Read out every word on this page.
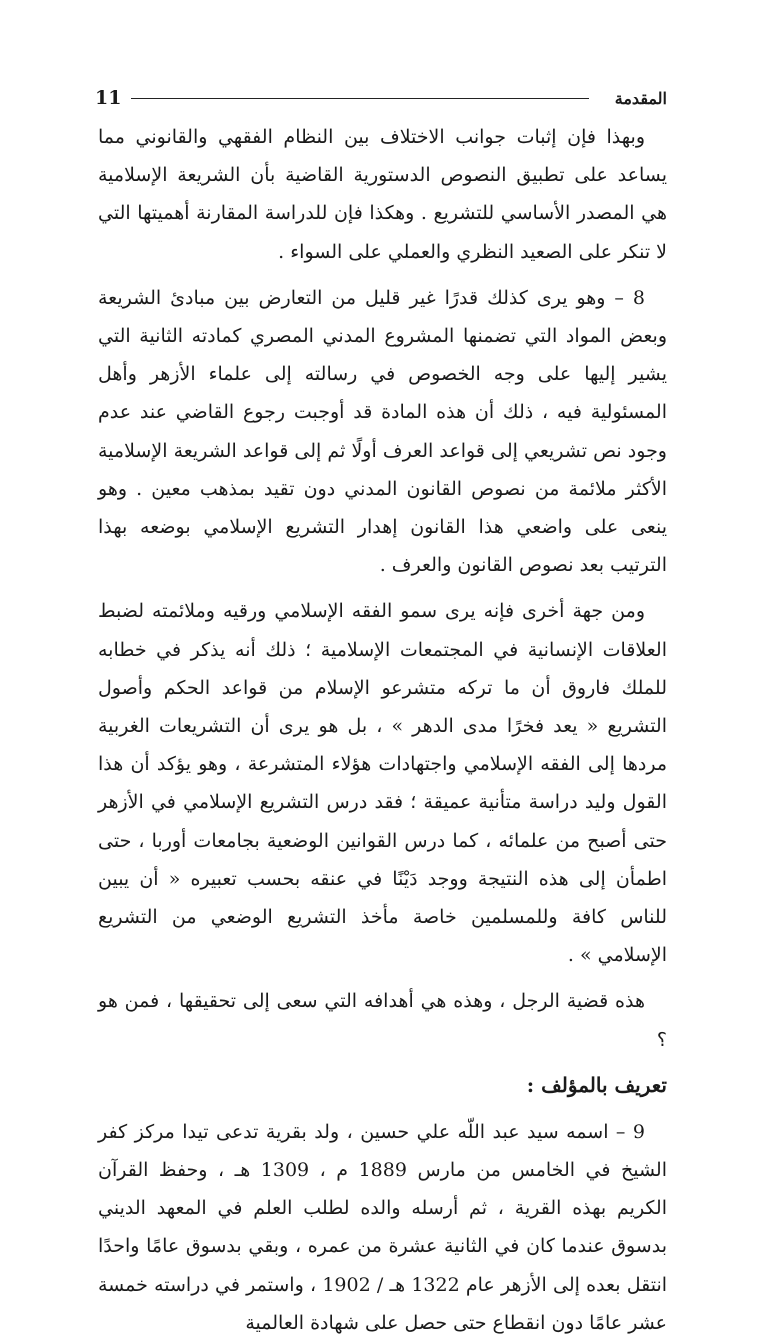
المقدمة
11

وبهذا فإن إثبات جوانب الاختلاف بين النظام الفقهي والقانوني مما يساعد على تطبيق النصوص الدستورية القاضية بأن الشريعة الإسلامية هي المصدر الأساسي للتشريع . وهكذا فإن للدراسة المقارنة أهميتها التي لا تنكر على الصعيد النظري والعملي على السواء .

8 – وهو يرى كذلك قدرًا غير قليل من التعارض بين مبادئ الشريعة وبعض المواد التي تضمنها المشروع المدني المصري كمادته الثانية التي يشير إليها على وجه الخصوص في رسالته إلى علماء الأزهر وأهل المسئولية فيه ، ذلك أن هذه المادة قد أوجبت رجوع القاضي عند عدم وجود نص تشريعي إلى قواعد العرف أولًا ثم إلى قواعد الشريعة الإسلامية الأكثر ملائمة من نصوص القانون المدني دون تقيد بمذهب معين . وهو ينعى على واضعي هذا القانون إهدار التشريع الإسلامي بوضعه بهذا الترتيب بعد نصوص القانون والعرف .

ومن جهة أخرى فإنه يرى سمو الفقه الإسلامي ورقيه وملائمته لضبط العلاقات الإنسانية في المجتمعات الإسلامية ؛ ذلك أنه يذكر في خطابه للملك فاروق أن ما تركه متشرعو الإسلام من قواعد الحكم وأصول التشريع « يعد فخرًا مدى الدهر » ، بل هو يرى أن التشريعات الغربية مردها إلى الفقه الإسلامي واجتهادات هؤلاء المتشرعة ، وهو يؤكد أن هذا القول وليد دراسة متأنية عميقة ؛ فقد درس التشريع الإسلامي في الأزهر حتى أصبح من علمائه ، كما درس القوانين الوضعية بجامعات أوربا ، حتى اطمأن إلى هذه النتيجة ووجد دَيْنًا في عنقه بحسب تعبيره « أن يبين للناس كافة وللمسلمين خاصة مأخذ التشريع الوضعي من التشريع الإسلامي » .

هذه قضية الرجل ، وهذه هي أهدافه التي سعى إلى تحقيقها ، فمن هو ؟

تعريف بالمؤلف :

9 – اسمه سيد عبد اللّه علي حسين ، ولد بقرية تدعى تيدا مركز كفر الشيخ في الخامس من مارس 1889 م ، 1309 هـ ، وحفظ القرآن الكريم بهذه القرية ، ثم أرسله والده لطلب العلم في المعهد الديني بدسوق عندما كان في الثانية عشرة من عمره ، وبقي بدسوق عامًا واحدًا انتقل بعده إلى الأزهر عام 1322 هـ / 1902 ، واستمر في دراسته خمسة عشر عامًا دون انقطاع حتى حصل على شهادة العالمية
